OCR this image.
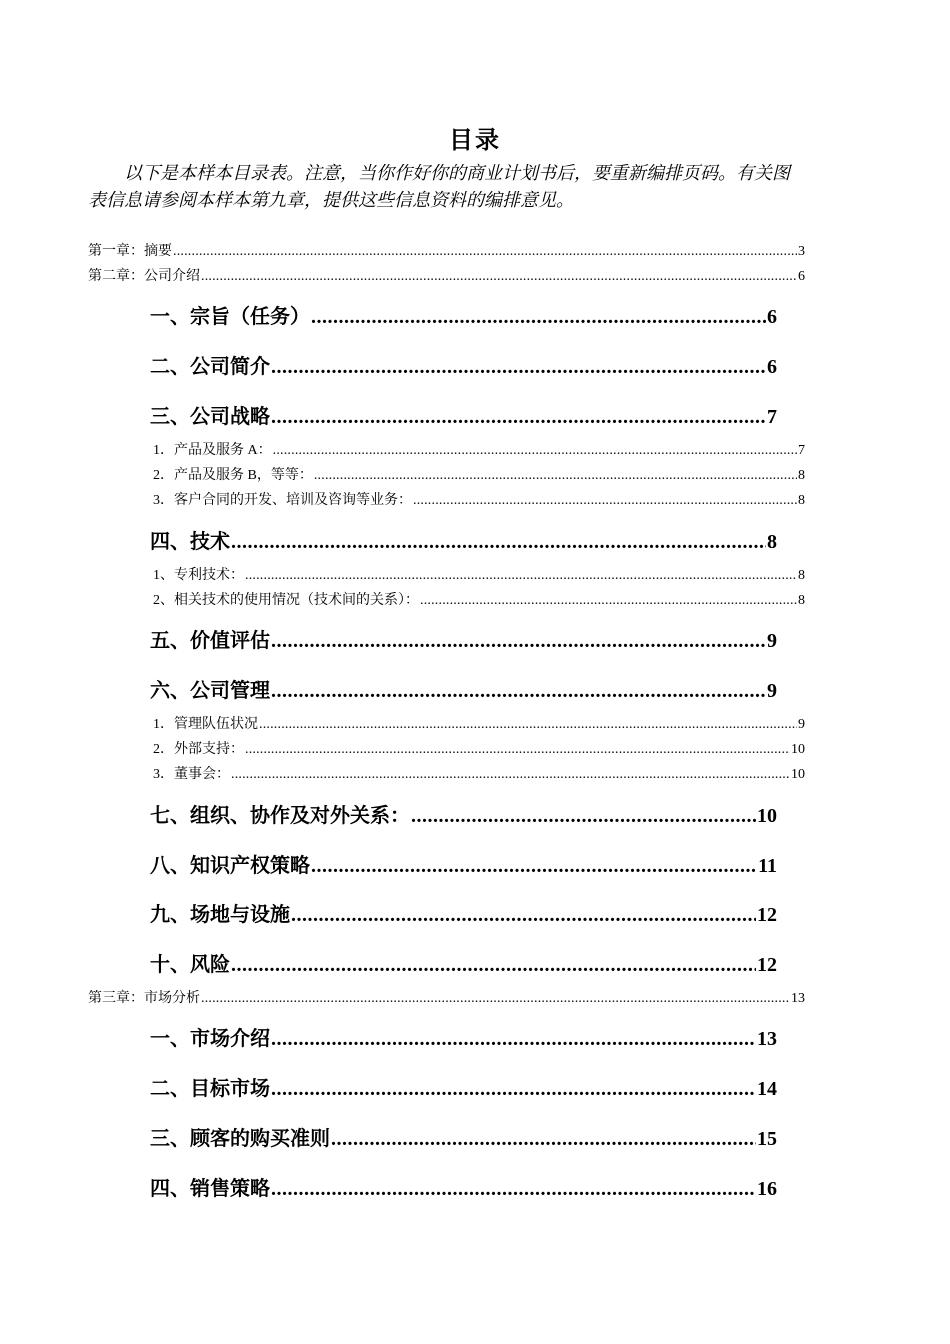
目录
以下是本样本目录表。注意，当你作好你的商业计划书后，要重新编排页码。有关图表信息请参阅本样本第九章，提供这些信息资料的编排意见。
第一章：摘要 .....	3
第二章：公司介绍 .....	6
一、宗旨（任务） .....	6
二、公司简介 .....	6
三、公司战略 .....	7
1．产品及服务 A： .....	7
2．产品及服务 B，等等： .....	8
3．客户合同的开发、培训及咨询等业务： .....	8
四、技术 .....	8
1、专利技术： .....	8
2、相关技术的使用情况（技术间的关系）： .....	8
五、价值评估 .....	9
六、公司管理 .....	9
1．管理队伍状况 .....	9
2．外部支持： .....	10
3．董事会： .....	10
七、组织、协作及对外关系： .....	10
八、知识产权策略 .....	11
九、场地与设施 .....	12
十、风险 .....	12
第三章：市场分析 .....	13
一、市场介绍 .....	13
二、目标市场 .....	14
三、顾客的购买准则 .....	15
四、销售策略 .....	16
